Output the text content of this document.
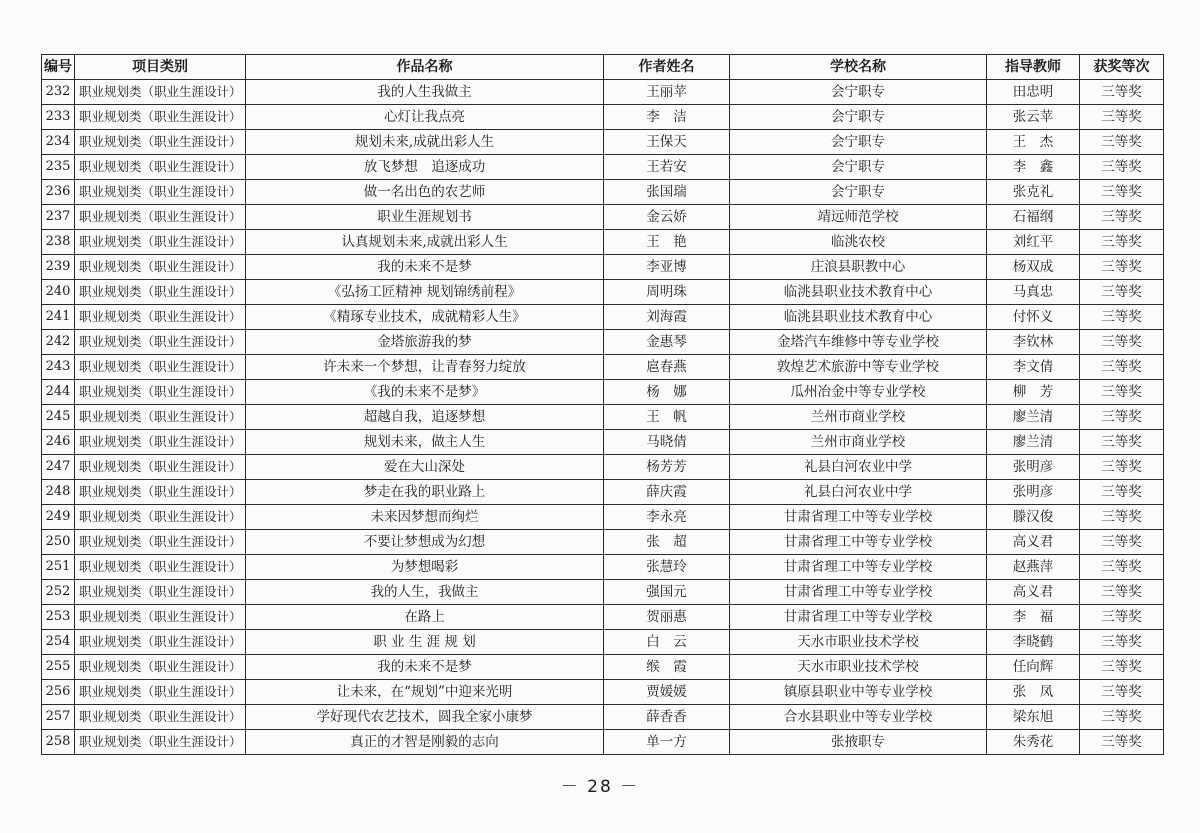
编号	项目类别	作品名称	作者姓名	学校名称	指导教师	获奖等次
232	职业规划类（职业生涯设计）	我的人生我做主	王丽苹	会宁职专	田忠明	三等奖
233	职业规划类（职业生涯设计）	心灯让我点亮	李　洁	会宁职专	张云苹	三等奖
234	职业规划类（职业生涯设计）	规划未来,成就出彩人生	王保天	会宁职专	王　杰	三等奖
235	职业规划类（职业生涯设计）	放飞梦想　追逐成功	王若安	会宁职专	李　鑫	三等奖
236	职业规划类（职业生涯设计）	做一名出色的农艺师	张国瑞	会宁职专	张克礼	三等奖
237	职业规划类（职业生涯设计）	职业生涯规划书	金云娇	靖远师范学校	石福纲	三等奖
238	职业规划类（职业生涯设计）	认真规划未来,成就出彩人生	王　艳	临洮农校	刘红平	三等奖
239	职业规划类（职业生涯设计）	我的未来不是梦	李亚博	庄浪县职教中心	杨双成	三等奖
240	职业规划类（职业生涯设计）	《弘扬工匠精神 规划锦绣前程》	周明珠	临洮县职业技术教育中心	马真忠	三等奖
241	职业规划类（职业生涯设计）	《精琢专业技术，成就精彩人生》	刘海霞	临洮县职业技术教育中心	付怀义	三等奖
242	职业规划类（职业生涯设计）	金塔旅游我的梦	金惠琴	金塔汽车维修中等专业学校	李钦林	三等奖
243	职业规划类（职业生涯设计）	许未来一个梦想，让青春努力绽放	扈春燕	敦煌艺术旅游中等专业学校	李文倩	三等奖
244	职业规划类（职业生涯设计）	《我的未来不是梦》	杨　娜	瓜州冶金中等专业学校	柳　芳	三等奖
245	职业规划类（职业生涯设计）	超越自我，追逐梦想	王　帆	兰州市商业学校	廖兰清	三等奖
246	职业规划类（职业生涯设计）	规划未来，做主人生	马晓倩	兰州市商业学校	廖兰清	三等奖
247	职业规划类（职业生涯设计）	爱在大山深处	杨芳芳	礼县白河农业中学	张明彦	三等奖
248	职业规划类（职业生涯设计）	梦走在我的职业路上	薛庆霞	礼县白河农业中学	张明彦	三等奖
249	职业规划类（职业生涯设计）	未来因梦想而绚烂	李永亮	甘肃省理工中等专业学校	滕汉俊	三等奖
250	职业规划类（职业生涯设计）	不要让梦想成为幻想	张　超	甘肃省理工中等专业学校	高义君	三等奖
251	职业规划类（职业生涯设计）	为梦想喝彩	张慧玲	甘肃省理工中等专业学校	赵燕萍	三等奖
252	职业规划类（职业生涯设计）	我的人生，我做主	强国元	甘肃省理工中等专业学校	高义君	三等奖
253	职业规划类（职业生涯设计）	在路上	贺丽惠	甘肃省理工中等专业学校	李　福	三等奖
254	职业规划类（职业生涯设计）	职 业 生 涯 规 划	白　云	天水市职业技术学校	李晓鹤	三等奖
255	职业规划类（职业生涯设计）	我的未来不是梦	缑　霞	天水市职业技术学校	任向辉	三等奖
256	职业规划类（职业生涯设计）	让未来，在“规划”中迎来光明	贾媛媛	镇原县职业中等专业学校	张　凤	三等奖
257	职业规划类（职业生涯设计）	学好现代农艺技术，圆我全家小康梦	薛香香	合水县职业中等专业学校	梁东旭	三等奖
258	职业规划类（职业生涯设计）	真正的才智是刚毅的志向	单一方	张掖职专	朱秀花	三等奖
－ 28 －
